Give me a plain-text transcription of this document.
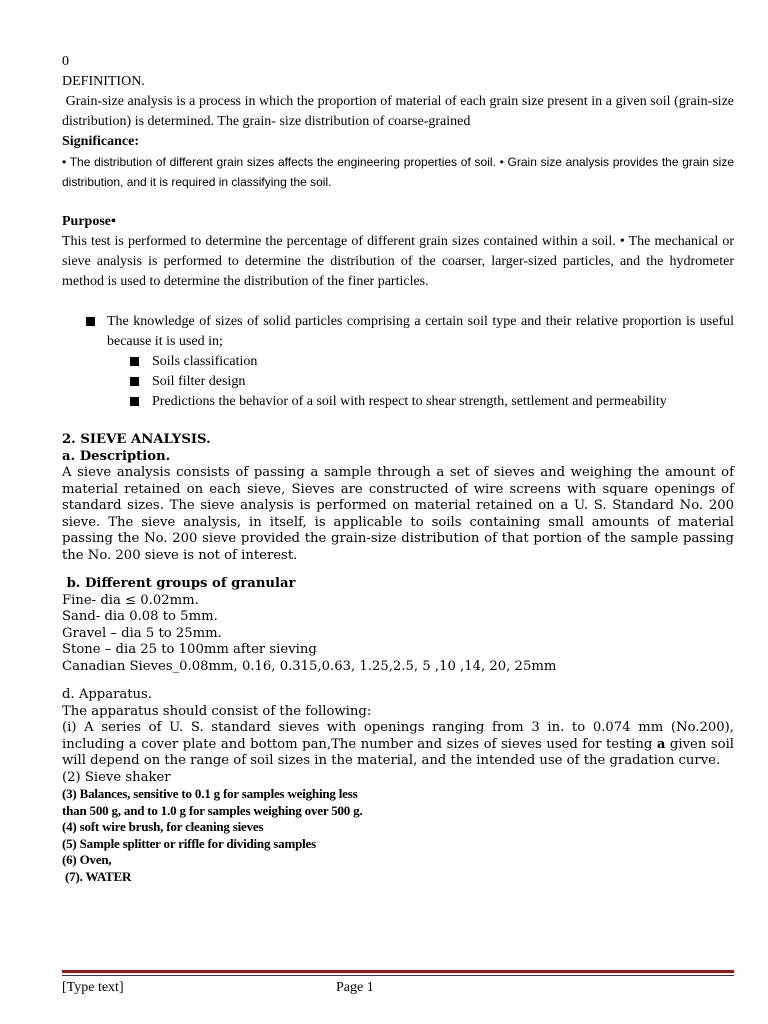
0

DEFINITION.

Grain-size analysis is a process in which the proportion of material of each grain size present in a given soil (grain-size distribution) is determined. The grain- size distribution of coarse-grained

Significance:

• The distribution of different grain sizes affects the engineering properties of soil. • Grain size analysis provides the grain size distribution, and it is required in classifying the soil.

Purpose•

This test is performed to determine the percentage of different grain sizes contained within a soil. • The mechanical or sieve analysis is performed to determine the distribution of the coarser, larger-sized particles, and the hydrometer method is used to determine the distribution of the finer particles.

The knowledge of sizes of solid particles comprising a certain soil type and their relative proportion is useful because it is used in;
Soils classification
Soil filter design
Predictions the behavior of a soil with respect to shear strength, settlement and permeability

2. SIEVE ANALYSIS.

a. Description.

A sieve analysis consists of passing a sample through a set of sieves and weighing the amount of material retained on each sieve, Sieves are constructed of wire screens with square openings of standard sizes. The sieve analysis is performed on material retained on a U. S. Standard No. 200 sieve. The sieve analysis, in itself, is applicable to soils containing small amounts of material passing the No. 200 sieve provided the grain-size distribution of that portion of the sample passing the No. 200 sieve is not of interest.

b. Different groups of granular

Fine- dia ≤ 0.02mm.

Sand- dia 0.08 to 5mm.

Gravel – dia 5 to 25mm.

Stone – dia 25 to 100mm after sieving

Canadian Sieves_0.08mm, 0.16, 0.315,0.63, 1.25,2.5, 5 ,10 ,14, 20, 25mm

d. Apparatus.

The apparatus should consist of the following:

(i) A series of U. S. standard sieves with openings ranging from 3 in. to 0.074 mm (No.200), including a cover plate and bottom pan,The number and sizes of sieves used for testing a given soil will depend on the range of soil sizes in the material, and the intended use of the gradation curve.

(2) Sieve shaker

(3) Balances, sensitive to 0.1 g for samples weighing less

than 500 g, and to 1.0 g for samples weighing over 500 g.

(4) soft wire brush, for cleaning sieves

(5) Sample splitter or riffle for dividing samples

(6) Oven,

(7). WATER

[Type text]	Page 1
